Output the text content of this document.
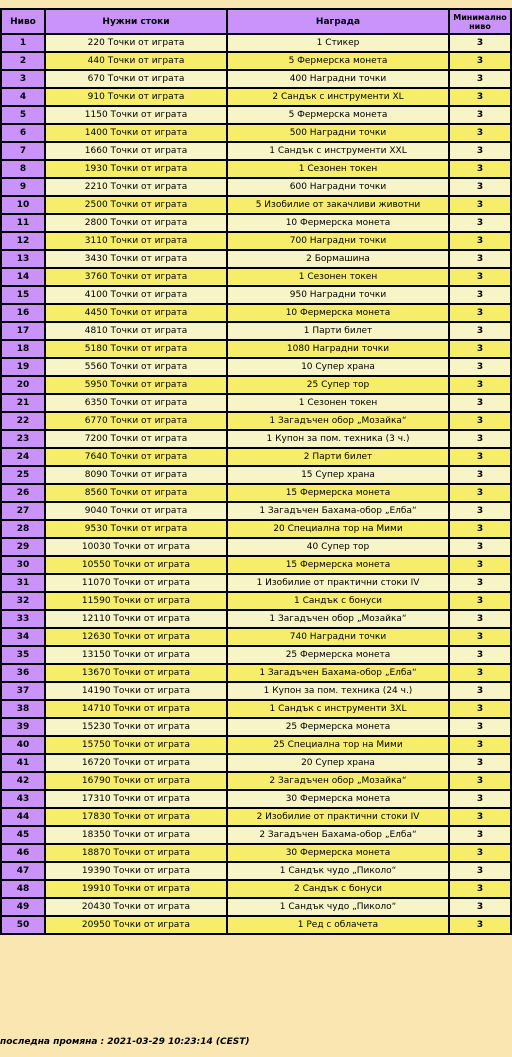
Ниво	Нужни стоки	Награда	Минимално ниво
1	220 Точки от играта	1 Стикер	3
2	440 Точки от играта	5 Фермерска монета	3
3	670 Точки от играта	400 Наградни точки	3
4	910 Точки от играта	2 Сандък с инструменти XL	3
5	1150 Точки от играта	5 Фермерска монета	3
6	1400 Точки от играта	500 Наградни точки	3
7	1660 Точки от играта	1 Сандък с инструменти XXL	3
8	1930 Точки от играта	1 Сезонен токен	3
9	2210 Точки от играта	600 Наградни точки	3
10	2500 Точки от играта	5 Изобилие от закачливи животни	3
11	2800 Точки от играта	10 Фермерска монета	3
12	3110 Точки от играта	700 Наградни точки	3
13	3430 Точки от играта	2 Бормашина	3
14	3760 Точки от играта	1 Сезонен токен	3
15	4100 Точки от играта	950 Наградни точки	3
16	4450 Точки от играта	10 Фермерска монета	3
17	4810 Точки от играта	1 Парти билет	3
18	5180 Точки от играта	1080 Наградни точки	3
19	5560 Точки от играта	10 Супер храна	3
20	5950 Точки от играта	25 Супер тор	3
21	6350 Точки от играта	1 Сезонен токен	3
22	6770 Точки от играта	1 Загадъчен обор „Мозайка“	3
23	7200 Точки от играта	1 Купон за пом. техника (3 ч.)	3
24	7640 Точки от играта	2 Парти билет	3
25	8090 Точки от играта	15 Супер храна	3
26	8560 Точки от играта	15 Фермерска монета	3
27	9040 Точки от играта	1 Загадъчен Бахама-обор „Елба“	3
28	9530 Точки от играта	20 Специална тор на Мими	3
29	10030 Точки от играта	40 Супер тор	3
30	10550 Точки от играта	15 Фермерска монета	3
31	11070 Точки от играта	1 Изобилие от практични стоки IV	3
32	11590 Точки от играта	1 Сандък с бонуси	3
33	12110 Точки от играта	1 Загадъчен обор „Мозайка“	3
34	12630 Точки от играта	740 Наградни точки	3
35	13150 Точки от играта	25 Фермерска монета	3
36	13670 Точки от играта	1 Загадъчен Бахама-обор „Елба“	3
37	14190 Точки от играта	1 Купон за пом. техника (24 ч.)	3
38	14710 Точки от играта	1 Сандък с инструменти 3XL	3
39	15230 Точки от играта	25 Фермерска монета	3
40	15750 Точки от играта	25 Специална тор на Мими	3
41	16720 Точки от играта	20 Супер храна	3
42	16790 Точки от играта	2 Загадъчен обор „Мозайка“	3
43	17310 Точки от играта	30 Фермерска монета	3
44	17830 Точки от играта	2 Изобилие от практични стоки IV	3
45	18350 Точки от играта	2 Загадъчен Бахама-обор „Елба“	3
46	18870 Точки от играта	30 Фермерска монета	3
47	19390 Точки от играта	1 Сандък чудо „Пиколо“	3
48	19910 Точки от играта	2 Сандък с бонуси	3
49	20430 Точки от играта	1 Сандък чудо „Пиколо“	3
50	20950 Точки от играта	1 Ред с облачета	3
последна промяна : 2021-03-29 10:23:14 (CEST)
